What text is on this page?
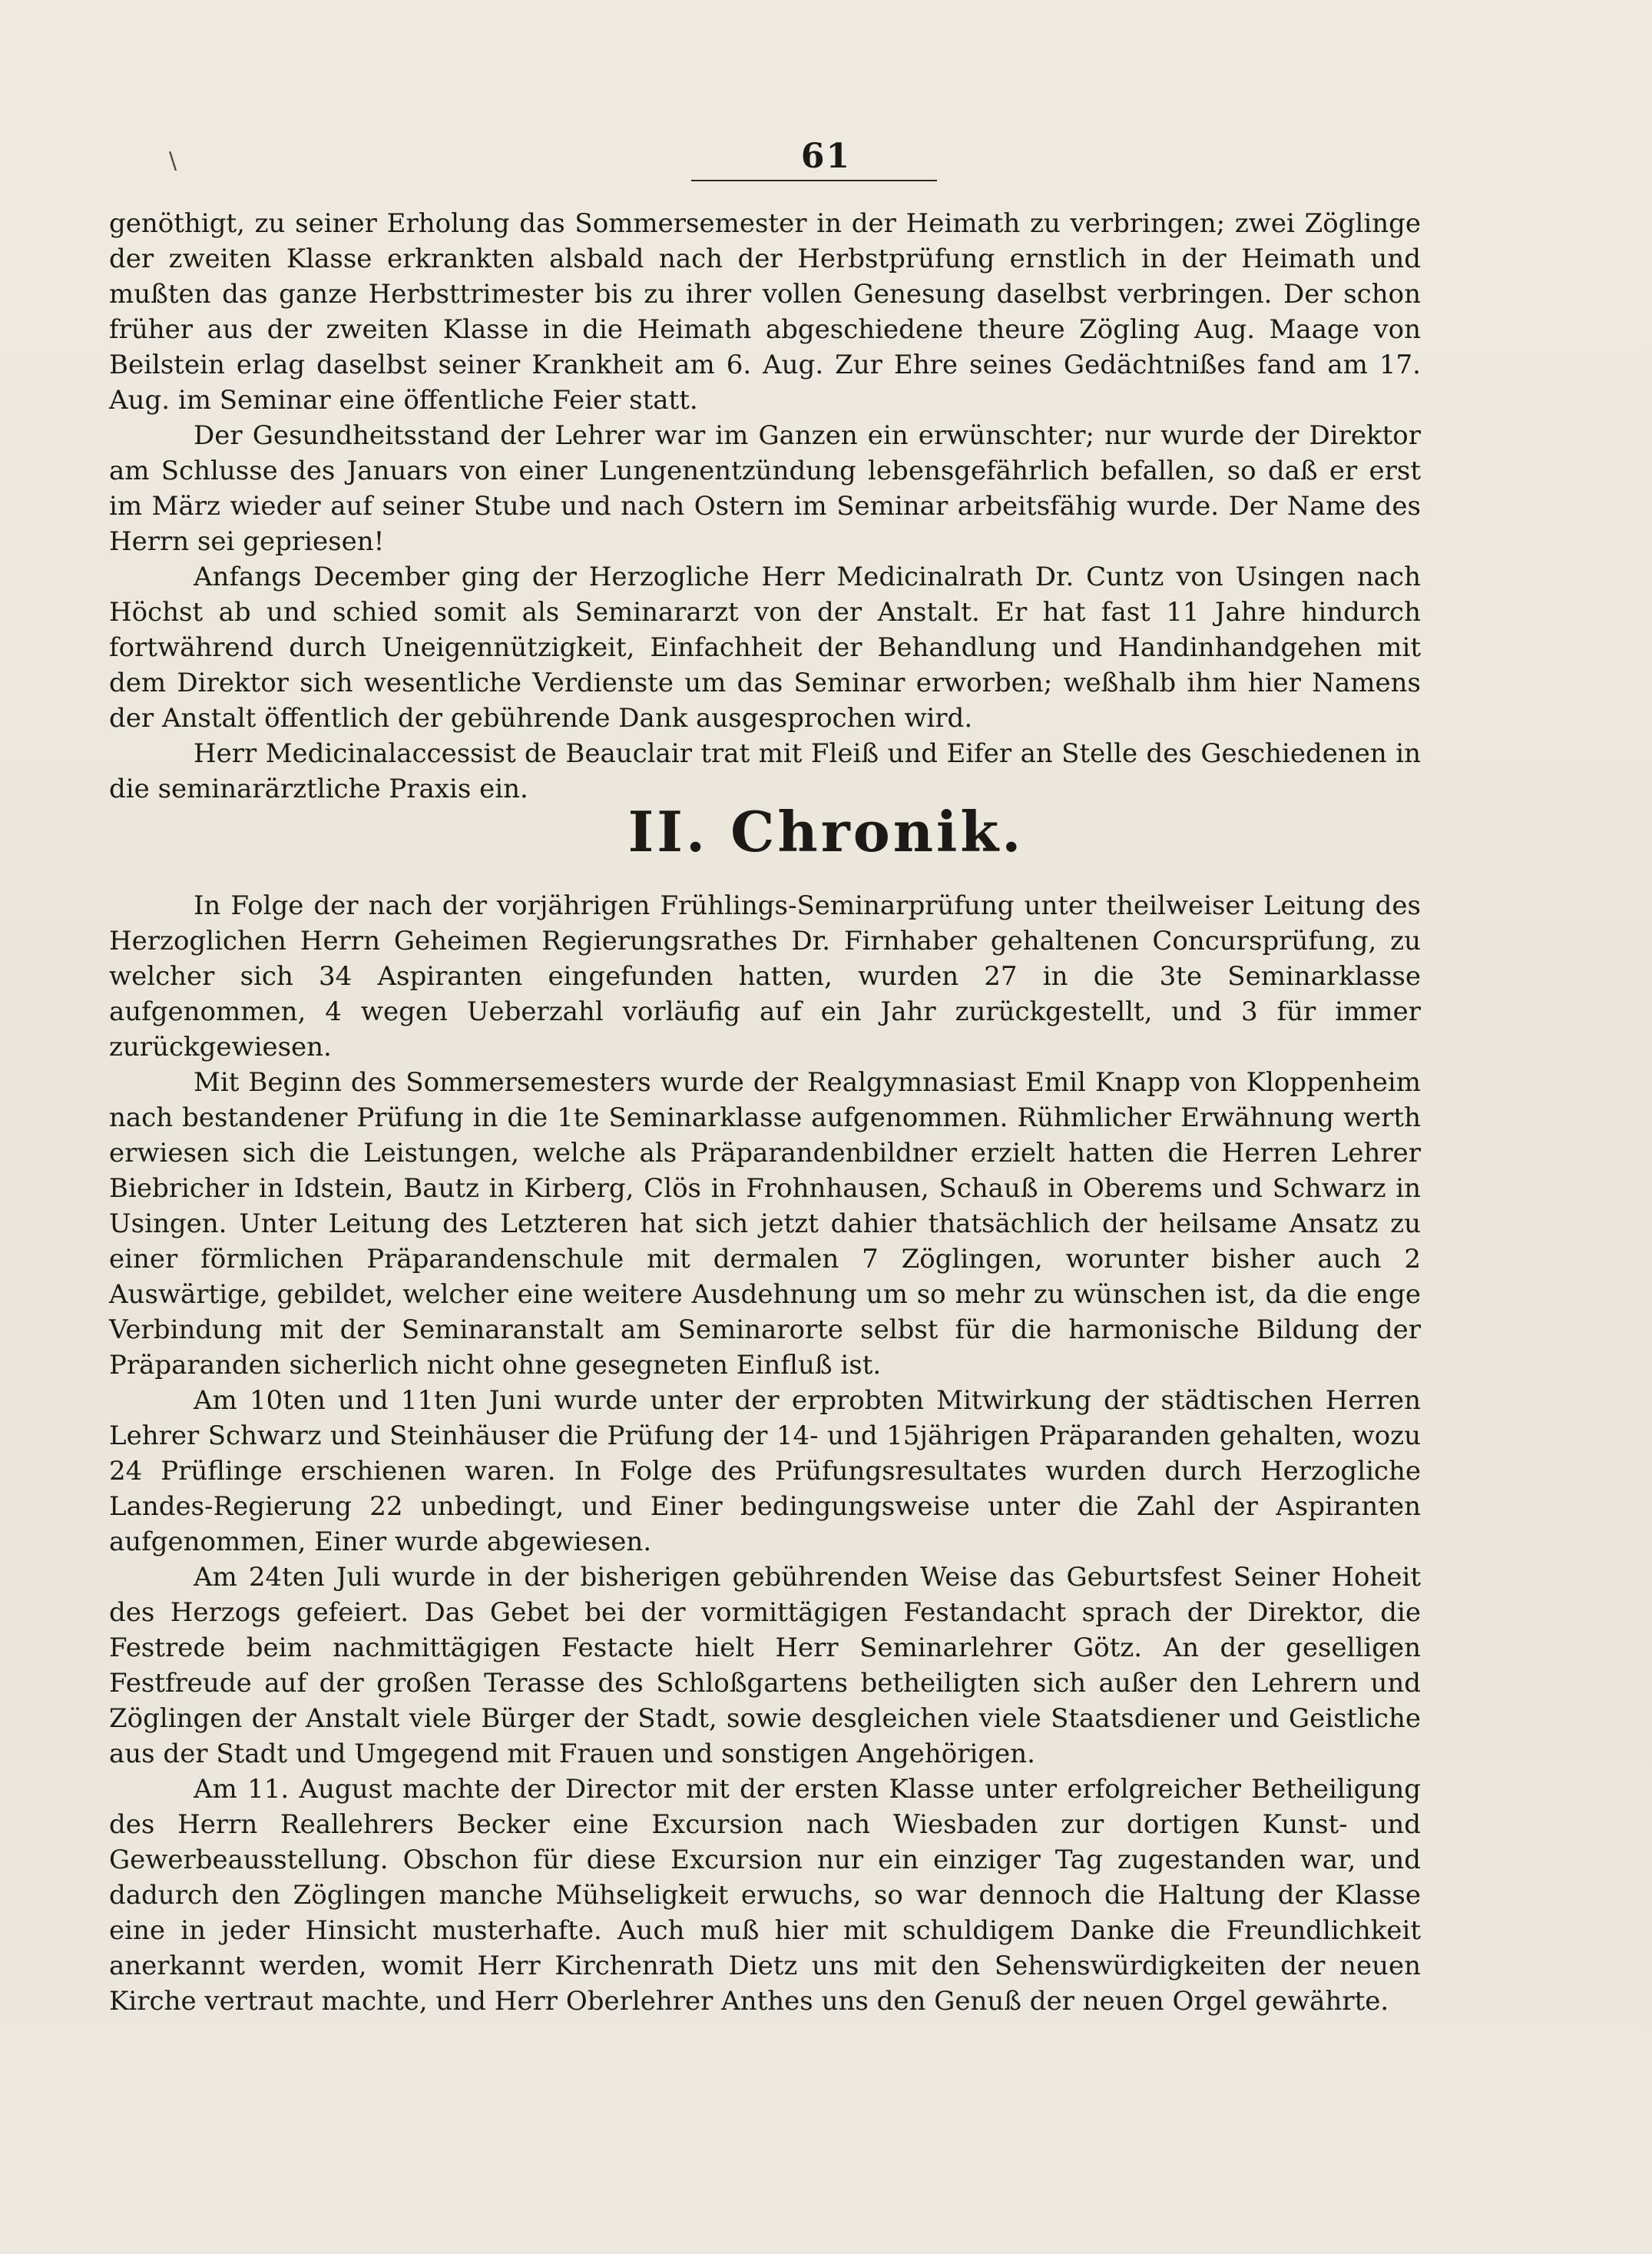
\	61

genöthigt, zu seiner Erholung das Sommersemester in der Heimath zu verbringen; zwei Zöglinge der zweiten Klasse erkrankten alsbald nach der Herbstprüfung ernstlich in der Heimath und mußten das ganze Herbsttrimester bis zu ihrer vollen Genesung daselbst verbringen. Der schon früher aus der zweiten Klasse in die Heimath abgeschiedene theure Zögling Aug. Maage von Beilstein erlag daselbst seiner Krankheit am 6. Aug. Zur Ehre seines Gedächtnißes fand am 17. Aug. im Seminar eine öffentliche Feier statt.

Der Gesundheitsstand der Lehrer war im Ganzen ein erwünschter; nur wurde der Direktor am Schlusse des Januars von einer Lungenentzündung lebensgefährlich befallen, so daß er erst im März wieder auf seiner Stube und nach Ostern im Seminar arbeitsfähig wurde. Der Name des Herrn sei gepriesen!

Anfangs December ging der Herzogliche Herr Medicinalrath Dr. Cuntz von Usingen nach Höchst ab und schied somit als Seminararzt von der Anstalt. Er hat fast 11 Jahre hindurch fortwährend durch Uneigennützigkeit, Einfachheit der Behandlung und Handinhandgehen mit dem Direktor sich wesentliche Verdienste um das Seminar erworben; weßhalb ihm hier Namens der Anstalt öffentlich der gebührende Dank ausgesprochen wird.

Herr Medicinalaccessist de Beauclair trat mit Fleiß und Eifer an Stelle des Geschiedenen in die seminarärztliche Praxis ein.

II. Chronik.

In Folge der nach der vorjährigen Frühlings-Seminarprüfung unter theilweiser Leitung des Herzoglichen Herrn Geheimen Regierungsrathes Dr. Firnhaber gehaltenen Concursprüfung, zu welcher sich 34 Aspiranten eingefunden hatten, wurden 27 in die 3te Seminarklasse aufgenommen, 4 wegen Ueberzahl vorläufig auf ein Jahr zurückgestellt, und 3 für immer zurückgewiesen.

Mit Beginn des Sommersemesters wurde der Realgymnasiast Emil Knapp von Kloppenheim nach bestandener Prüfung in die 1te Seminarklasse aufgenommen. Rühmlicher Erwähnung werth erwiesen sich die Leistungen, welche als Präparandenbildner erzielt hatten die Herren Lehrer Biebricher in Idstein, Bautz in Kirberg, Clös in Frohnhausen, Schauß in Oberems und Schwarz in Usingen. Unter Leitung des Letzteren hat sich jetzt dahier thatsächlich der heilsame Ansatz zu einer förmlichen Präparandenschule mit dermalen 7 Zöglingen, worunter bisher auch 2 Auswärtige, gebildet, welcher eine weitere Ausdehnung um so mehr zu wünschen ist, da die enge Verbindung mit der Seminaranstalt am Seminarorte selbst für die harmonische Bildung der Präparanden sicherlich nicht ohne gesegneten Einfluß ist.

Am 10ten und 11ten Juni wurde unter der erprobten Mitwirkung der städtischen Herren Lehrer Schwarz und Steinhäuser die Prüfung der 14- und 15jährigen Präparanden gehalten, wozu 24 Prüflinge erschienen waren. In Folge des Prüfungsresultates wurden durch Herzogliche Landes-Regierung 22 unbedingt, und Einer bedingungsweise unter die Zahl der Aspiranten aufgenommen, Einer wurde abgewiesen.

Am 24ten Juli wurde in der bisherigen gebührenden Weise das Geburtsfest Seiner Hoheit des Herzogs gefeiert. Das Gebet bei der vormittägigen Festandacht sprach der Direktor, die Festrede beim nachmittägigen Festacte hielt Herr Seminarlehrer Götz. An der geselligen Festfreude auf der großen Terasse des Schloßgartens betheiligten sich außer den Lehrern und Zöglingen der Anstalt viele Bürger der Stadt, sowie desgleichen viele Staatsdiener und Geistliche aus der Stadt und Umgegend mit Frauen und sonstigen Angehörigen.

Am 11. August machte der Director mit der ersten Klasse unter erfolgreicher Betheiligung des Herrn Reallehrers Becker eine Excursion nach Wiesbaden zur dortigen Kunst- und Gewerbeausstellung. Obschon für diese Excursion nur ein einziger Tag zugestanden war, und dadurch den Zöglingen manche Mühseligkeit erwuchs, so war dennoch die Haltung der Klasse eine in jeder Hinsicht musterhafte. Auch muß hier mit schuldigem Danke die Freundlichkeit anerkannt werden, womit Herr Kirchenrath Dietz uns mit den Sehenswürdigkeiten der neuen Kirche vertraut machte, und Herr Oberlehrer Anthes uns den Genuß der neuen Orgel gewährte.
